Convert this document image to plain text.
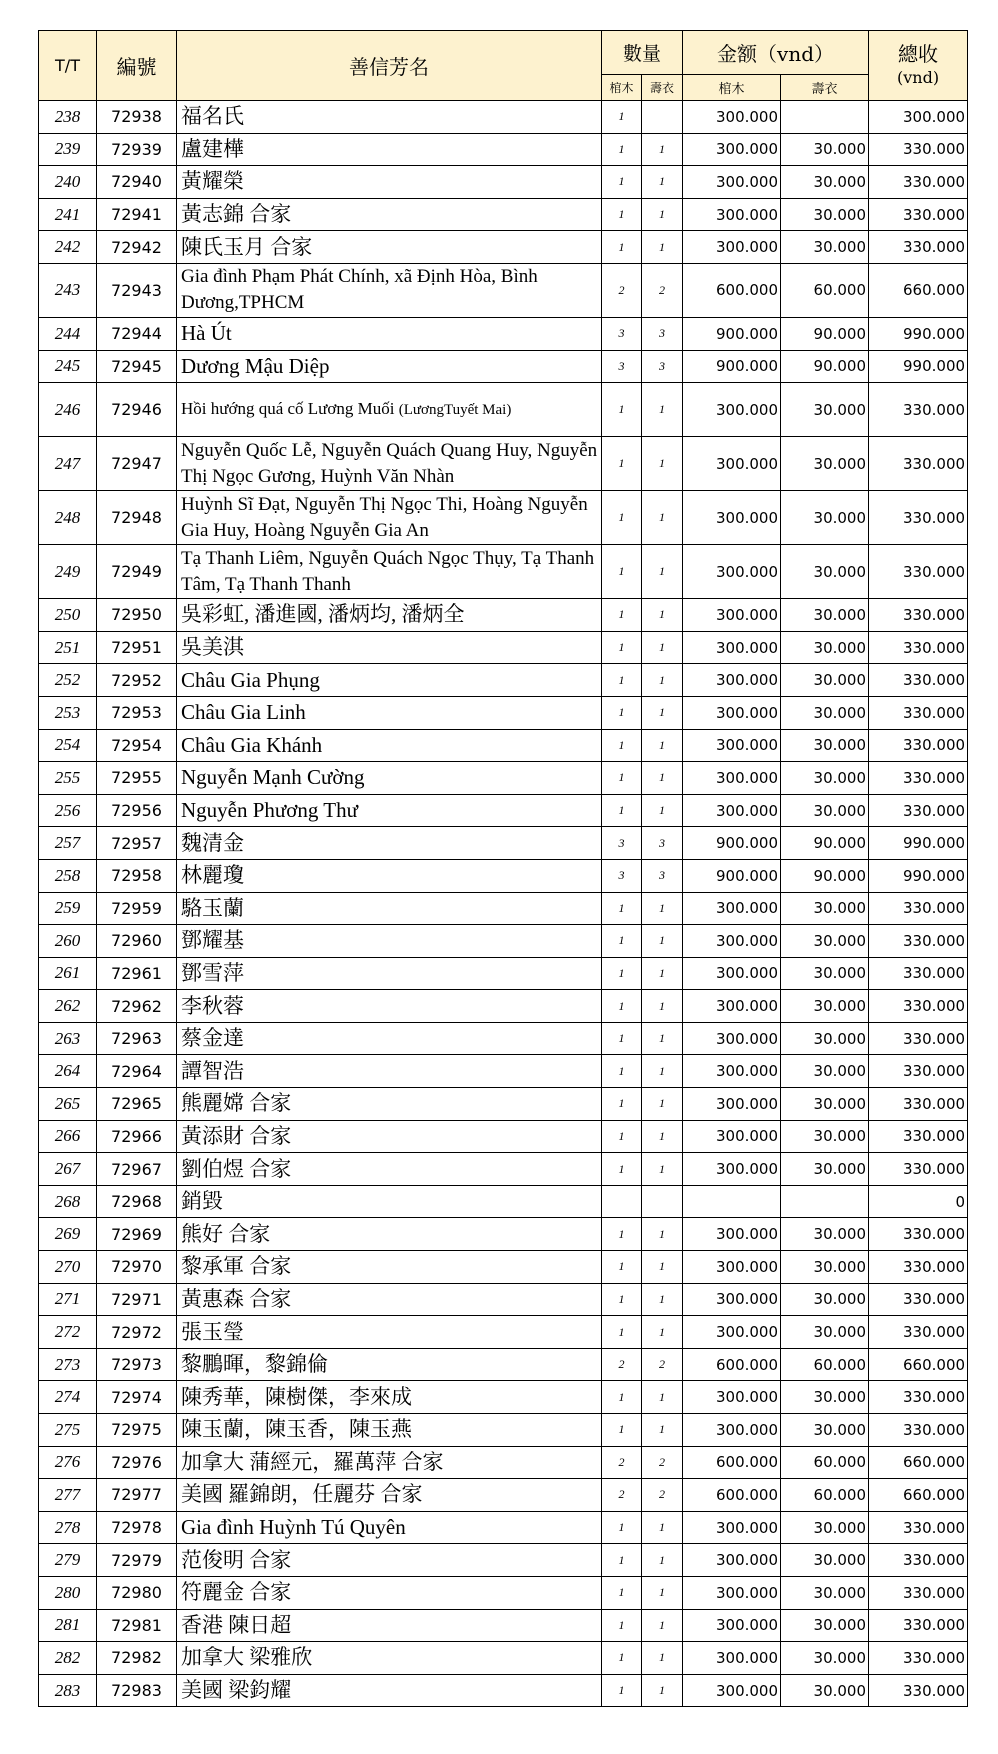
T/T	編號	善信芳名	數量		金额（vnd）		總收
(vnd)

			棺木	壽衣	棺木	壽衣	
238	72938	福名氏	1		300.000		300.000
239	72939	盧建樺	1	1	300.000	30.000	330.000
240	72940	黃耀榮	1	1	300.000	30.000	330.000
241	72941	黃志錦 合家	1	1	300.000	30.000	330.000
242	72942	陳氏玉月 合家	1	1	300.000	30.000	330.000
243	72943	Gia đình Phạm Phát Chính, xã Định Hòa, Bình Dương,TPHCM	2	2	600.000	60.000	660.000
244	72944	Hà Út	3	3	900.000	90.000	990.000
245	72945	Dương Mậu Diệp	3	3	900.000	90.000	990.000
246	72946	Hồi hướng quá cố Lương Muối (LươngTuyết Mai)	1	1	300.000	30.000	330.000
247	72947	Nguyễn Quốc Lễ, Nguyễn Quách Quang Huy, Nguyễn Thị Ngọc Gương, Huỳnh Văn Nhàn	1	1	300.000	30.000	330.000
248	72948	Huỳnh Sĩ Đạt, Nguyễn Thị Ngọc Thi, Hoàng Nguyễn Gia Huy, Hoàng Nguyễn Gia An	1	1	300.000	30.000	330.000
249	72949	Tạ Thanh Liêm, Nguyễn Quách Ngọc Thụy, Tạ Thanh Tâm, Tạ Thanh Thanh	1	1	300.000	30.000	330.000
250	72950	吳彩虹, 潘進國, 潘炳均, 潘炳全	1	1	300.000	30.000	330.000
251	72951	吳美淇	1	1	300.000	30.000	330.000
252	72952	Châu Gia Phụng	1	1	300.000	30.000	330.000
253	72953	Châu Gia Linh	1	1	300.000	30.000	330.000
254	72954	Châu Gia Khánh	1	1	300.000	30.000	330.000
255	72955	Nguyễn Mạnh Cường	1	1	300.000	30.000	330.000
256	72956	Nguyễn Phương Thư	1	1	300.000	30.000	330.000
257	72957	魏清金	3	3	900.000	90.000	990.000
258	72958	林麗瓊	3	3	900.000	90.000	990.000
259	72959	駱玉蘭	1	1	300.000	30.000	330.000
260	72960	鄧耀基	1	1	300.000	30.000	330.000
261	72961	鄧雪萍	1	1	300.000	30.000	330.000
262	72962	李秋蓉	1	1	300.000	30.000	330.000
263	72963	蔡金達	1	1	300.000	30.000	330.000
264	72964	譚智浩	1	1	300.000	30.000	330.000
265	72965	熊麗嫦 合家	1	1	300.000	30.000	330.000
266	72966	黃添財 合家	1	1	300.000	30.000	330.000
267	72967	劉伯煜 合家	1	1	300.000	30.000	330.000
268	72968	銷毀					0
269	72969	熊好 合家	1	1	300.000	30.000	330.000
270	72970	黎承軍 合家	1	1	300.000	30.000	330.000
271	72971	黃惠森 合家	1	1	300.000	30.000	330.000
272	72972	張玉瑩	1	1	300.000	30.000	330.000
273	72973	黎鵬暉，黎錦倫	2	2	600.000	60.000	660.000
274	72974	陳秀華，陳樹傑，李來成	1	1	300.000	30.000	330.000
275	72975	陳玉蘭，陳玉香，陳玉燕	1	1	300.000	30.000	330.000
276	72976	加拿大 蒲經元，羅萬萍 合家	2	2	600.000	60.000	660.000
277	72977	美國 羅錦朗，任麗芬 合家	2	2	600.000	60.000	660.000
278	72978	Gia đình Huỳnh Tú Quyên	1	1	300.000	30.000	330.000
279	72979	范俊明 合家	1	1	300.000	30.000	330.000
280	72980	符麗金 合家	1	1	300.000	30.000	330.000
281	72981	香港 陳日超	1	1	300.000	30.000	330.000
282	72982	加拿大 梁雅欣	1	1	300.000	30.000	330.000
283	72983	美國 梁鈞耀	1	1	300.000	30.000	330.000
